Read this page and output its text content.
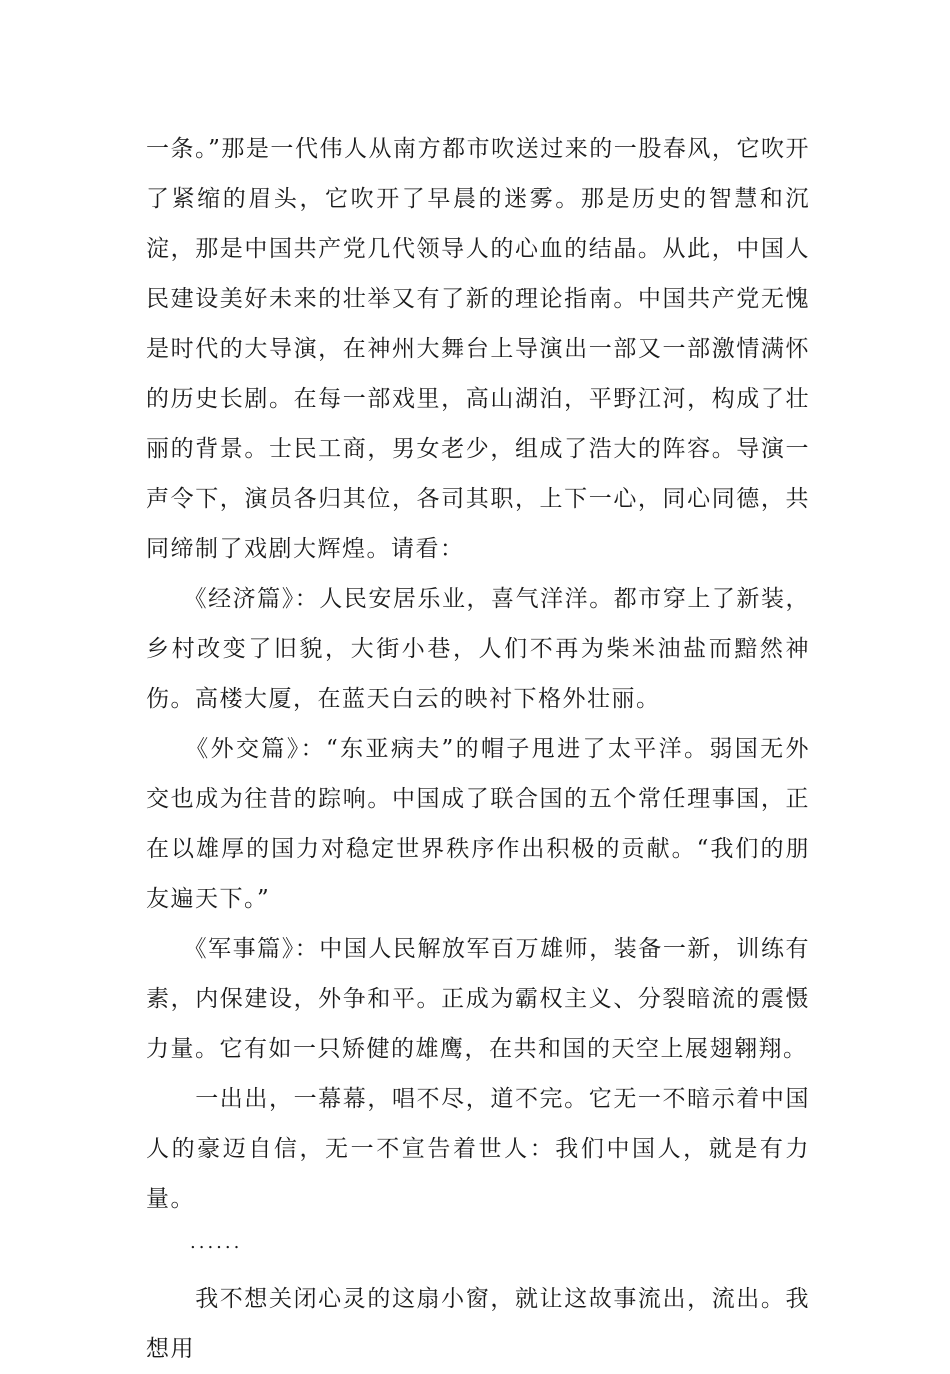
一条。”那是一代伟人从南方都市吹送过来的一股春风，它吹开了紧缩的眉头，它吹开了早晨的迷雾。那是历史的智慧和沉淀，那是中国共产党几代领导人的心血的结晶。从此，中国人民建设美好未来的壮举又有了新的理论指南。中国共产党无愧是时代的大导演，在神州大舞台上导演出一部又一部激情满怀的历史长剧。在每一部戏里，高山湖泊，平野江河，构成了壮丽的背景。士民工商，男女老少，组成了浩大的阵容。导演一声令下，演员各归其位，各司其职，上下一心，同心同德，共同缔制了戏剧大辉煌。请看：

　　《经济篇》：人民安居乐业，喜气洋洋。都市穿上了新装，乡村改变了旧貌，大街小巷，人们不再为柴米油盐而黯然神伤。高楼大厦，在蓝天白云的映衬下格外壮丽。

　　《外交篇》：“东亚病夫”的帽子甩进了太平洋。弱国无外交也成为往昔的踪响。中国成了联合国的五个常任理事国，正在以雄厚的国力对稳定世界秩序作出积极的贡献。“我们的朋友遍天下。”

　　《军事篇》：中国人民解放军百万雄师，装备一新，训练有素，内保建设，外争和平。正成为霸权主义、分裂暗流的震慑力量。它有如一只矫健的雄鹰，在共和国的天空上展翅翱翔。

　　一出出，一幕幕，唱不尽，道不完。它无一不暗示着中国人的豪迈自信，无一不宣告着世人：我们中国人，就是有力量。

......

　　我不想关闭心灵的这扇小窗，就让这故事流出，流出。我想用
